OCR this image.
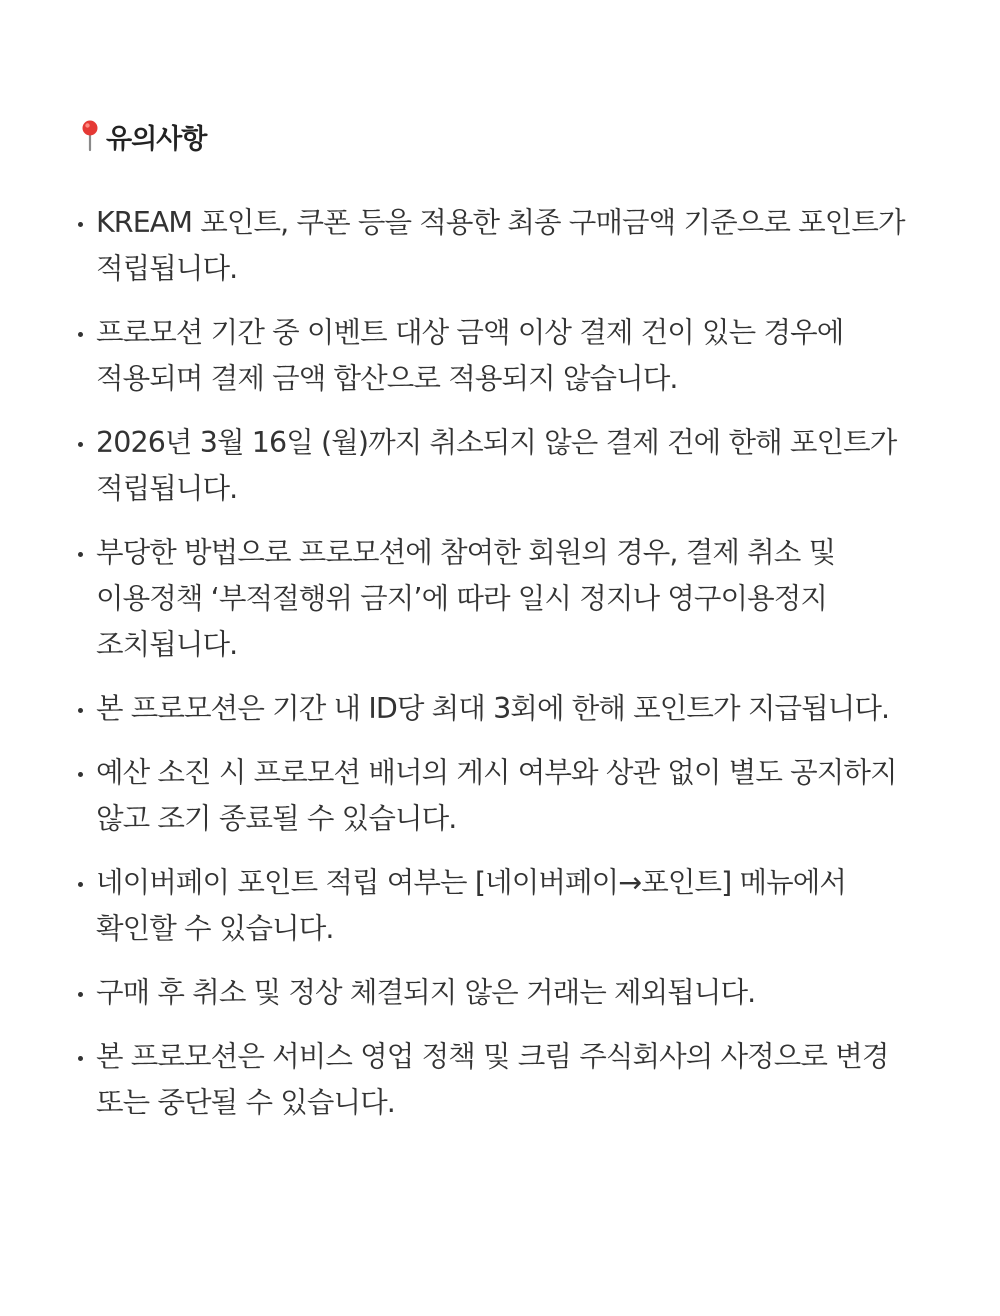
유의사항
KREAM 포인트, 쿠폰 등을 적용한 최종 구매금액 기준으로 포인트가 적립됩니다.
프로모션 기간 중 이벤트 대상 금액 이상 결제 건이 있는 경우에 적용되며 결제 금액 합산으로 적용되지 않습니다.
2026년 3월 16일 (월)까지 취소되지 않은 결제 건에 한해 포인트가 적립됩니다.
부당한 방법으로 프로모션에 참여한 회원의 경우, 결제 취소 및 이용정책 ‘부적절행위 금지’에 따라 일시 정지나 영구이용정지 조치됩니다.
본 프로모션은 기간 내 ID당 최대 3회에 한해 포인트가 지급됩니다.
예산 소진 시 프로모션 배너의 게시 여부와 상관 없이 별도 공지하지 않고 조기 종료될 수 있습니다.
네이버페이 포인트 적립 여부는 [네이버페이→포인트] 메뉴에서 확인할 수 있습니다.
구매 후 취소 및 정상 체결되지 않은 거래는 제외됩니다.
본 프로모션은 서비스 영업 정책 및 크림 주식회사의 사정으로 변경 또는 중단될 수 있습니다.
